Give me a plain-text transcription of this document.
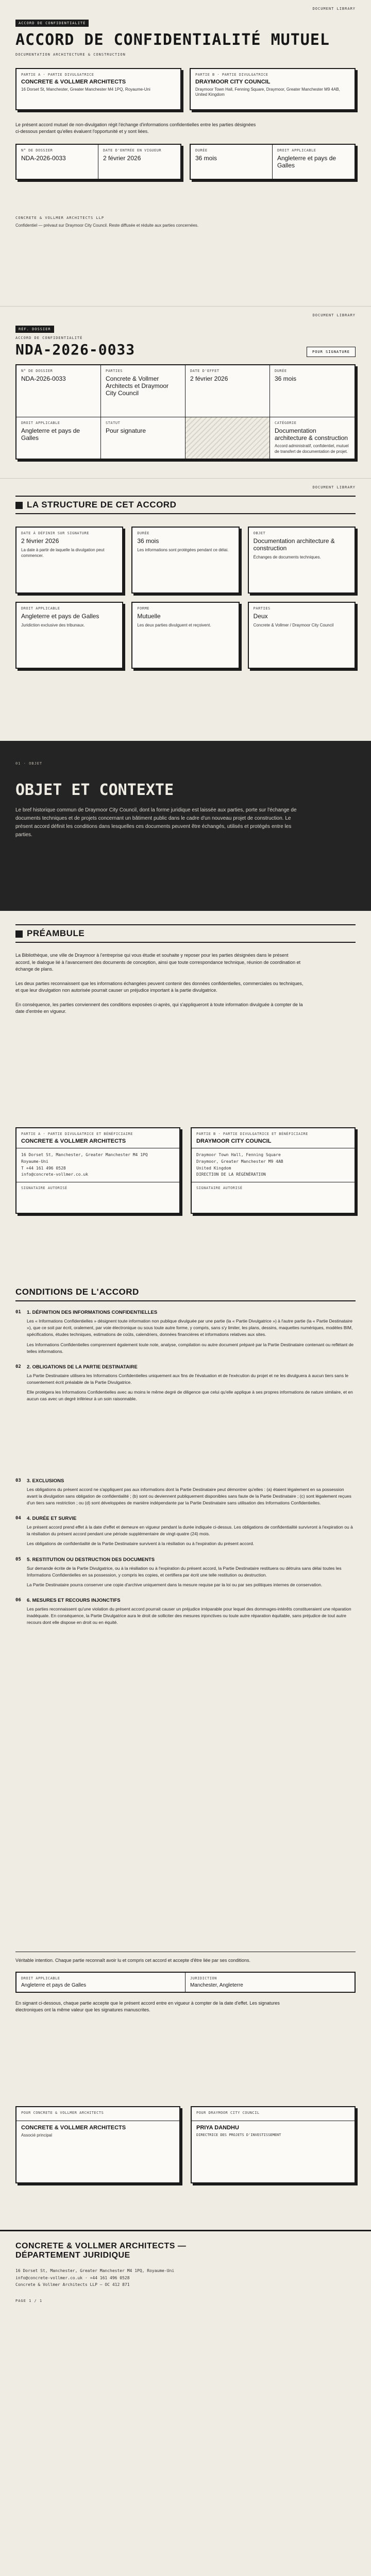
DOCUMENT LIBRARY
ACCORD DE CONFIDENTIALITÉ
ACCORD DE CONFIDENTIALITÉ MUTUEL
DOCUMENTATION ARCHITECTURE & CONSTRUCTION
PARTIE A · PARTIE DIVULGATRICE
CONCRETE & VOLLMER ARCHITECTS
16 Dorset St, Manchester, Greater Manchester M4 1PQ, Royaume-Uni
PARTIE B · PARTIE DIVULGATRICE
DRAYMOOR CITY COUNCIL
Draymoor Town Hall, Fenning Square, Draymoor, Greater Manchester M9 4AB, United Kingdom

Le présent accord mutuel de non-divulgation régit l'échange d'informations confidentielles entre les parties désignées ci-dessous pendant qu'elles évaluent l'opportunité et y sont liées.

N° DE DOSSIER
NDA-2026-0033
DATE D'ENTRÉE EN VIGUEUR
2 février 2026
DURÉE
36 mois
DROIT APPLICABLE
Angleterre et pays de Galles
CONCRETE & VOLLMER ARCHITECTS LLP
Confidentiel — prévaut sur Draymoor City Council. Reste diffusée et réduite aux parties concernées.
DOCUMENT LIBRARY
RÉF. DOSSIER
ACCORD DE CONFIDENTIALITÉ
NDA-2026-0033	POUR SIGNATURE
N° DE DOSSIER
NDA-2026-0033
PARTIES
Concrete & Vollmer Architects et Draymoor City Council
DATE D'EFFET
2 février 2026
DURÉE
36 mois
DROIT APPLICABLE
Angleterre et pays de Galles
STATUT
Pour signature
CATÉGORIE
Documentation architecture & construction
Accord administratif, confidentiel, mutuel de transfert de documentation de projet.
DOCUMENT LIBRARY
LA STRUCTURE DE CET ACCORD
DATE À DÉFINIR SUR SIGNATURE
2 février 2026
La date à partir de laquelle la divulgation peut commencer.
DURÉE
36 mois
Les informations sont protégées pendant ce délai.
OBJET
Documentation architecture & construction
Échanges de documents techniques.
DROIT APPLICABLE
Angleterre et pays de Galles
Juridiction exclusive des tribunaux.
FORME
Mutuelle
Les deux parties divulguent et reçoivent.
PARTIES
Deux
Concrete & Vollmer / Draymoor City Council
01 · OBJET
OBJET ET CONTEXTE

Le bref historique commun de Draymoor City Council, dont la forme juridique est laissée aux parties, porte sur l'échange de documents techniques et de projets concernant un bâtiment public dans le cadre d'un nouveau projet de construction. Le présent accord définit les conditions dans lesquelles ces documents peuvent être échangés, utilisés et protégés entre les parties.

PRÉAMBULE

La Bibliothèque, une ville de Draymoor à l'entreprise qui vous étudie et souhaite y reposer pour les parties désignées dans le présent accord, le dialogue lié à l'avancement des documents de conception, ainsi que toute correspondance technique, réunion de coordination et échange de plans.

Les deux parties reconnaissent que les informations échangées peuvent contenir des données confidentielles, commerciales ou techniques, et que leur divulgation non autorisée pourrait causer un préjudice important à la partie divulgatrice.

En conséquence, les parties conviennent des conditions exposées ci-après, qui s'appliqueront à toute information divulguée à compter de la date d'entrée en vigueur.

PARTIE A · PARTIE DIVULGATRICE ET BÉNÉFICIAIRE
CONCRETE & VOLLMER ARCHITECTS
16 Dorset St, Manchester, Greater Manchester M4 1PQ
Royaume-Uni
T +44 161 496 0528
info@concrete-vollmer.co.uk
SIGNATAIRE AUTORISÉ
PARTIE B · PARTIE DIVULGATRICE ET BÉNÉFICIAIRE
DRAYMOOR CITY COUNCIL
Draymoor Town Hall, Fenning Square
Draymoor, Greater Manchester M9 4AB
United Kingdom
DIRECTION DE LA RÉGÉNÉRATION
SIGNATAIRE AUTORISÉ
CONDITIONS DE L'ACCORD
01	1. DÉFINITION DES INFORMATIONS CONFIDENTIELLES

Les « Informations Confidentielles » désignent toute information non publique divulguée par une partie (la « Partie Divulgatrice ») à l'autre partie (la « Partie Destinataire »), que ce soit par écrit, oralement, par voie électronique ou sous toute autre forme, y compris, sans s'y limiter, les plans, dessins, maquettes numériques, modèles BIM, spécifications, études techniques, estimations de coûts, calendriers, données financières et informations relatives aux sites.

Les Informations Confidentielles comprennent également toute note, analyse, compilation ou autre document préparé par la Partie Destinataire contenant ou reflétant de telles informations.

02	2. OBLIGATIONS DE LA PARTIE DESTINATAIRE

La Partie Destinataire utilisera les Informations Confidentielles uniquement aux fins de l'évaluation et de l'exécution du projet et ne les divulguera à aucun tiers sans le consentement écrit préalable de la Partie Divulgatrice.

Elle protégera les Informations Confidentielles avec au moins le même degré de diligence que celui qu'elle applique à ses propres informations de nature similaire, et en aucun cas avec un degré inférieur à un soin raisonnable.

03	3. EXCLUSIONS

Les obligations du présent accord ne s'appliquent pas aux informations dont la Partie Destinataire peut démontrer qu'elles : (a) étaient légalement en sa possession avant la divulgation sans obligation de confidentialité ; (b) sont ou deviennent publiquement disponibles sans faute de la Partie Destinataire ; (c) sont légalement reçues d'un tiers sans restriction ; ou (d) sont développées de manière indépendante par la Partie Destinataire sans utilisation des Informations Confidentielles.

04	4. DURÉE ET SURVIE

Le présent accord prend effet à la date d'effet et demeure en vigueur pendant la durée indiquée ci-dessus. Les obligations de confidentialité survivront à l'expiration ou à la résiliation du présent accord pendant une période supplémentaire de vingt-quatre (24) mois.

Les obligations de confidentialité de la Partie Destinataire survivent à la résiliation ou à l'expiration du présent accord.

05	5. RESTITUTION OU DESTRUCTION DES DOCUMENTS

Sur demande écrite de la Partie Divulgatrice, ou à la résiliation ou à l'expiration du présent accord, la Partie Destinataire restituera ou détruira sans délai toutes les Informations Confidentielles en sa possession, y compris les copies, et certifiera par écrit une telle restitution ou destruction.

La Partie Destinataire pourra conserver une copie d'archive uniquement dans la mesure requise par la loi ou par ses politiques internes de conservation.

06	6. MESURES ET RECOURS INJONCTIFS

Les parties reconnaissent qu'une violation du présent accord pourrait causer un préjudice irréparable pour lequel des dommages-intérêts constitueraient une réparation inadéquate. En conséquence, la Partie Divulgatrice aura le droit de solliciter des mesures injonctives ou toute autre réparation équitable, sans préjudice de tout autre recours dont elle dispose en droit ou en équité.

Véritable intention. Chaque partie reconnaît avoir lu et compris cet accord et accepte d'être liée par ses conditions.

DROIT APPLICABLE
Angleterre et pays de Galles
JURIDICTION
Manchester, Angleterre

En signant ci-dessous, chaque partie accepte que le présent accord entre en vigueur à compter de la date d'effet. Les signatures électroniques ont la même valeur que les signatures manuscrites.

POUR CONCRETE & VOLLMER ARCHITECTS
CONCRETE & VOLLMER ARCHITECTS
Associé principal
POUR DRAYMOOR CITY COUNCIL
PRIYA DANDHU
DIRECTRICE DES PROJETS D'INVESTISSEMENT
CONCRETE & VOLLMER ARCHITECTS — DÉPARTEMENT JURIDIQUE
16 Dorset St, Manchester, Greater Manchester M4 1PQ, Royaume-Uni
info@concrete-vollmer.co.uk · +44 161 496 0528
Concrete & Vollmer Architects LLP — OC 412 871
PAGE 1 / 1
